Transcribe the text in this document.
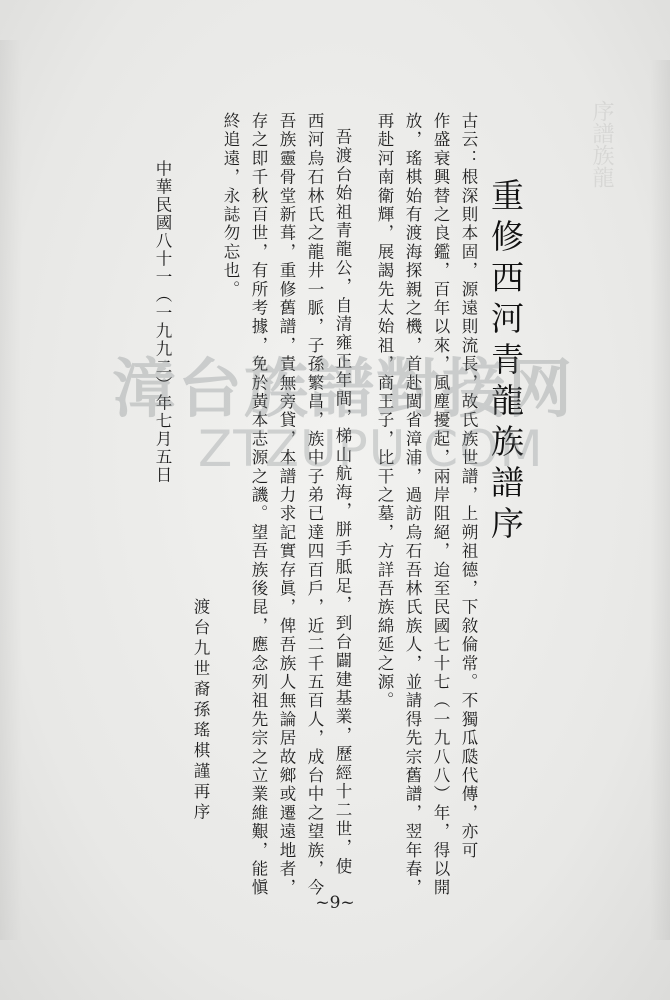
序譜族龍
重修西河青龍族譜序
古云：根深則本固，源遠則流長，故氏族世譜，上朔祖德，下敘倫常。不獨瓜瓞代傳，亦可
作盛衰興替之良鑑，百年以來，風塵擾起，兩岸阻絕，迨至民國七十七（一九八八）年，得以開
放，瑤棋始有渡海探親之機，首赴閩省漳浦，過訪烏石吾林氏族人，並請得先宗舊譜，翌年春，
再赴河南衛輝，展謁先太始祖，商王子，比干之墓，方詳吾族綿延之源。
吾渡台始祖青龍公，自清雍正年間，梯山航海，胼手胝足，到台闢建基業，歷經十二世，使
西河烏石林氏之龍井一脈，子孫繁昌，族中子弟已達四百戶，近二千五百人，成台中之望族，今
吾族靈骨堂新葺，重修舊譜，責無旁貸，本譜力求記實存眞，俾吾族人無論居故鄉或遷遠地者，
存之即千秋百世，有所考據，免於黃本志源之譏。望吾族後昆，應念列祖先宗之立業維艱，能愼
終追遠，永誌勿忘也。
渡台九世裔孫瑤棋謹再序
中華民國八十一（一九九二）年七月五日
漳台族譜對接网
ZTZUPU.COM
~9~
